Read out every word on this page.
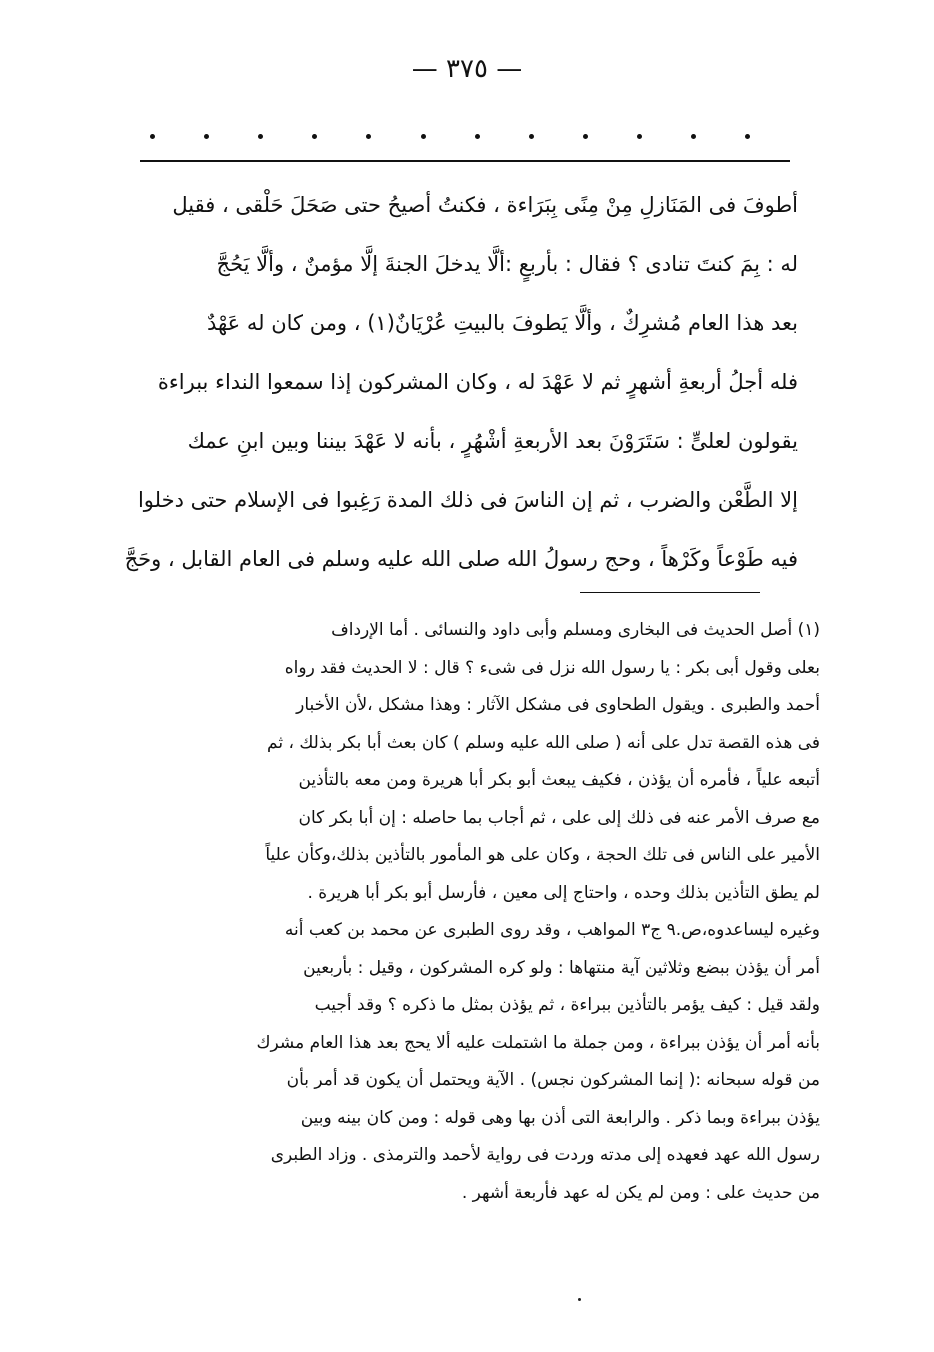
— ٣٧٥ —
أطوفَ فى المَنَازلِ مِنْ مِنًى بِبَرَاءة ، فكنتُ أصيحُ حتى صَحَلَ حَلْقى ، فقيل
له : بِمَ كنتَ تنادى ؟ فقال : بأربعٍ :ألَّا يدخلَ الجنةَ إلَّا مؤمنٌ ، وألَّا يَحُجَّ
بعد هذا العام مُشرِكٌ ، وألَّا يَطوفَ بالبيتِ عُرْيَانٌ(١) ، ومن كان له عَهْدٌ
فله أجلُ أربعةِ أشهرٍ ثم لا عَهْدَ له ، وكان المشركون إذا سمعوا النداء ببراءة
يقولون لعلىٍّ : سَتَرَوْنَ بعد الأربعةِ أشْهُرٍ ، بأنه لا عَهْدَ بيننا وبين ابنِ عمك
إلا الطَّعْن والضرب ، ثم إن الناسَ فى ذلك المدة رَغِبوا فى الإسلام حتى دخلوا
فيه طَوْعاً وكَرْهاً ، وحج رسولُ الله صلى الله عليه وسلم فى العام القابل ، وحَجَّ
(١) أصل الحديث فى البخارى ومسلم وأبى داود والنسائى . أما الإرداف
بعلى وقول أبى بكر : يا رسول الله نزل فى شىء ؟ قال : لا الحديث فقد رواه
أحمد والطبرى . ويقول الطحاوى فى مشكل الآثار : وهذا مشكل ،لأن الأخبار
فى هذه القصة تدل على أنه ( صلى الله عليه وسلم ) كان بعث أبا بكر بذلك ، ثم
أتبعه علياً ، فأمره أن يؤذن ، فكيف يبعث أبو بكر أبا هريرة ومن معه بالتأذين
مع صرف الأمر عنه فى ذلك إلى على ، ثم أجاب بما حاصله : إن أبا بكر كان
الأمير على الناس فى تلك الحجة ، وكان على هو المأمور بالتأذين بذلك،وكأن علياً
لم يطق التأذين بذلك وحده ، واحتاج إلى معين ، فأرسل أبو بكر أبا هريرة .
وغيره ليساعدوه،ص.٩ ج٣ المواهب ، وقد روى الطبرى عن محمد بن كعب أنه
أمر أن يؤذن ببضع وثلاثين آية منتهاها : ولو كره المشركون ، وقيل : بأربعين
ولقد قيل : كيف يؤمر بالتأذين ببراءة ، ثم يؤذن بمثل ما ذكره ؟ وقد أجيب
بأنه أمر أن يؤذن ببراءة ، ومن جملة ما اشتملت عليه ألا يحج بعد هذا العام مشرك
من قوله سبحانه :( إنما المشركون نجس) . الآية ويحتمل أن يكون قد أمر بأن
يؤذن ببراءة وبما ذكر . والرابعة التى أذن بها وهى قوله : ومن كان بينه وبين
رسول الله عهد فعهده إلى مدته وردت فى رواية لأحمد والترمذى . وزاد الطبرى
من حديث على : ومن لم يكن له عهد فأربعة أشهر .
